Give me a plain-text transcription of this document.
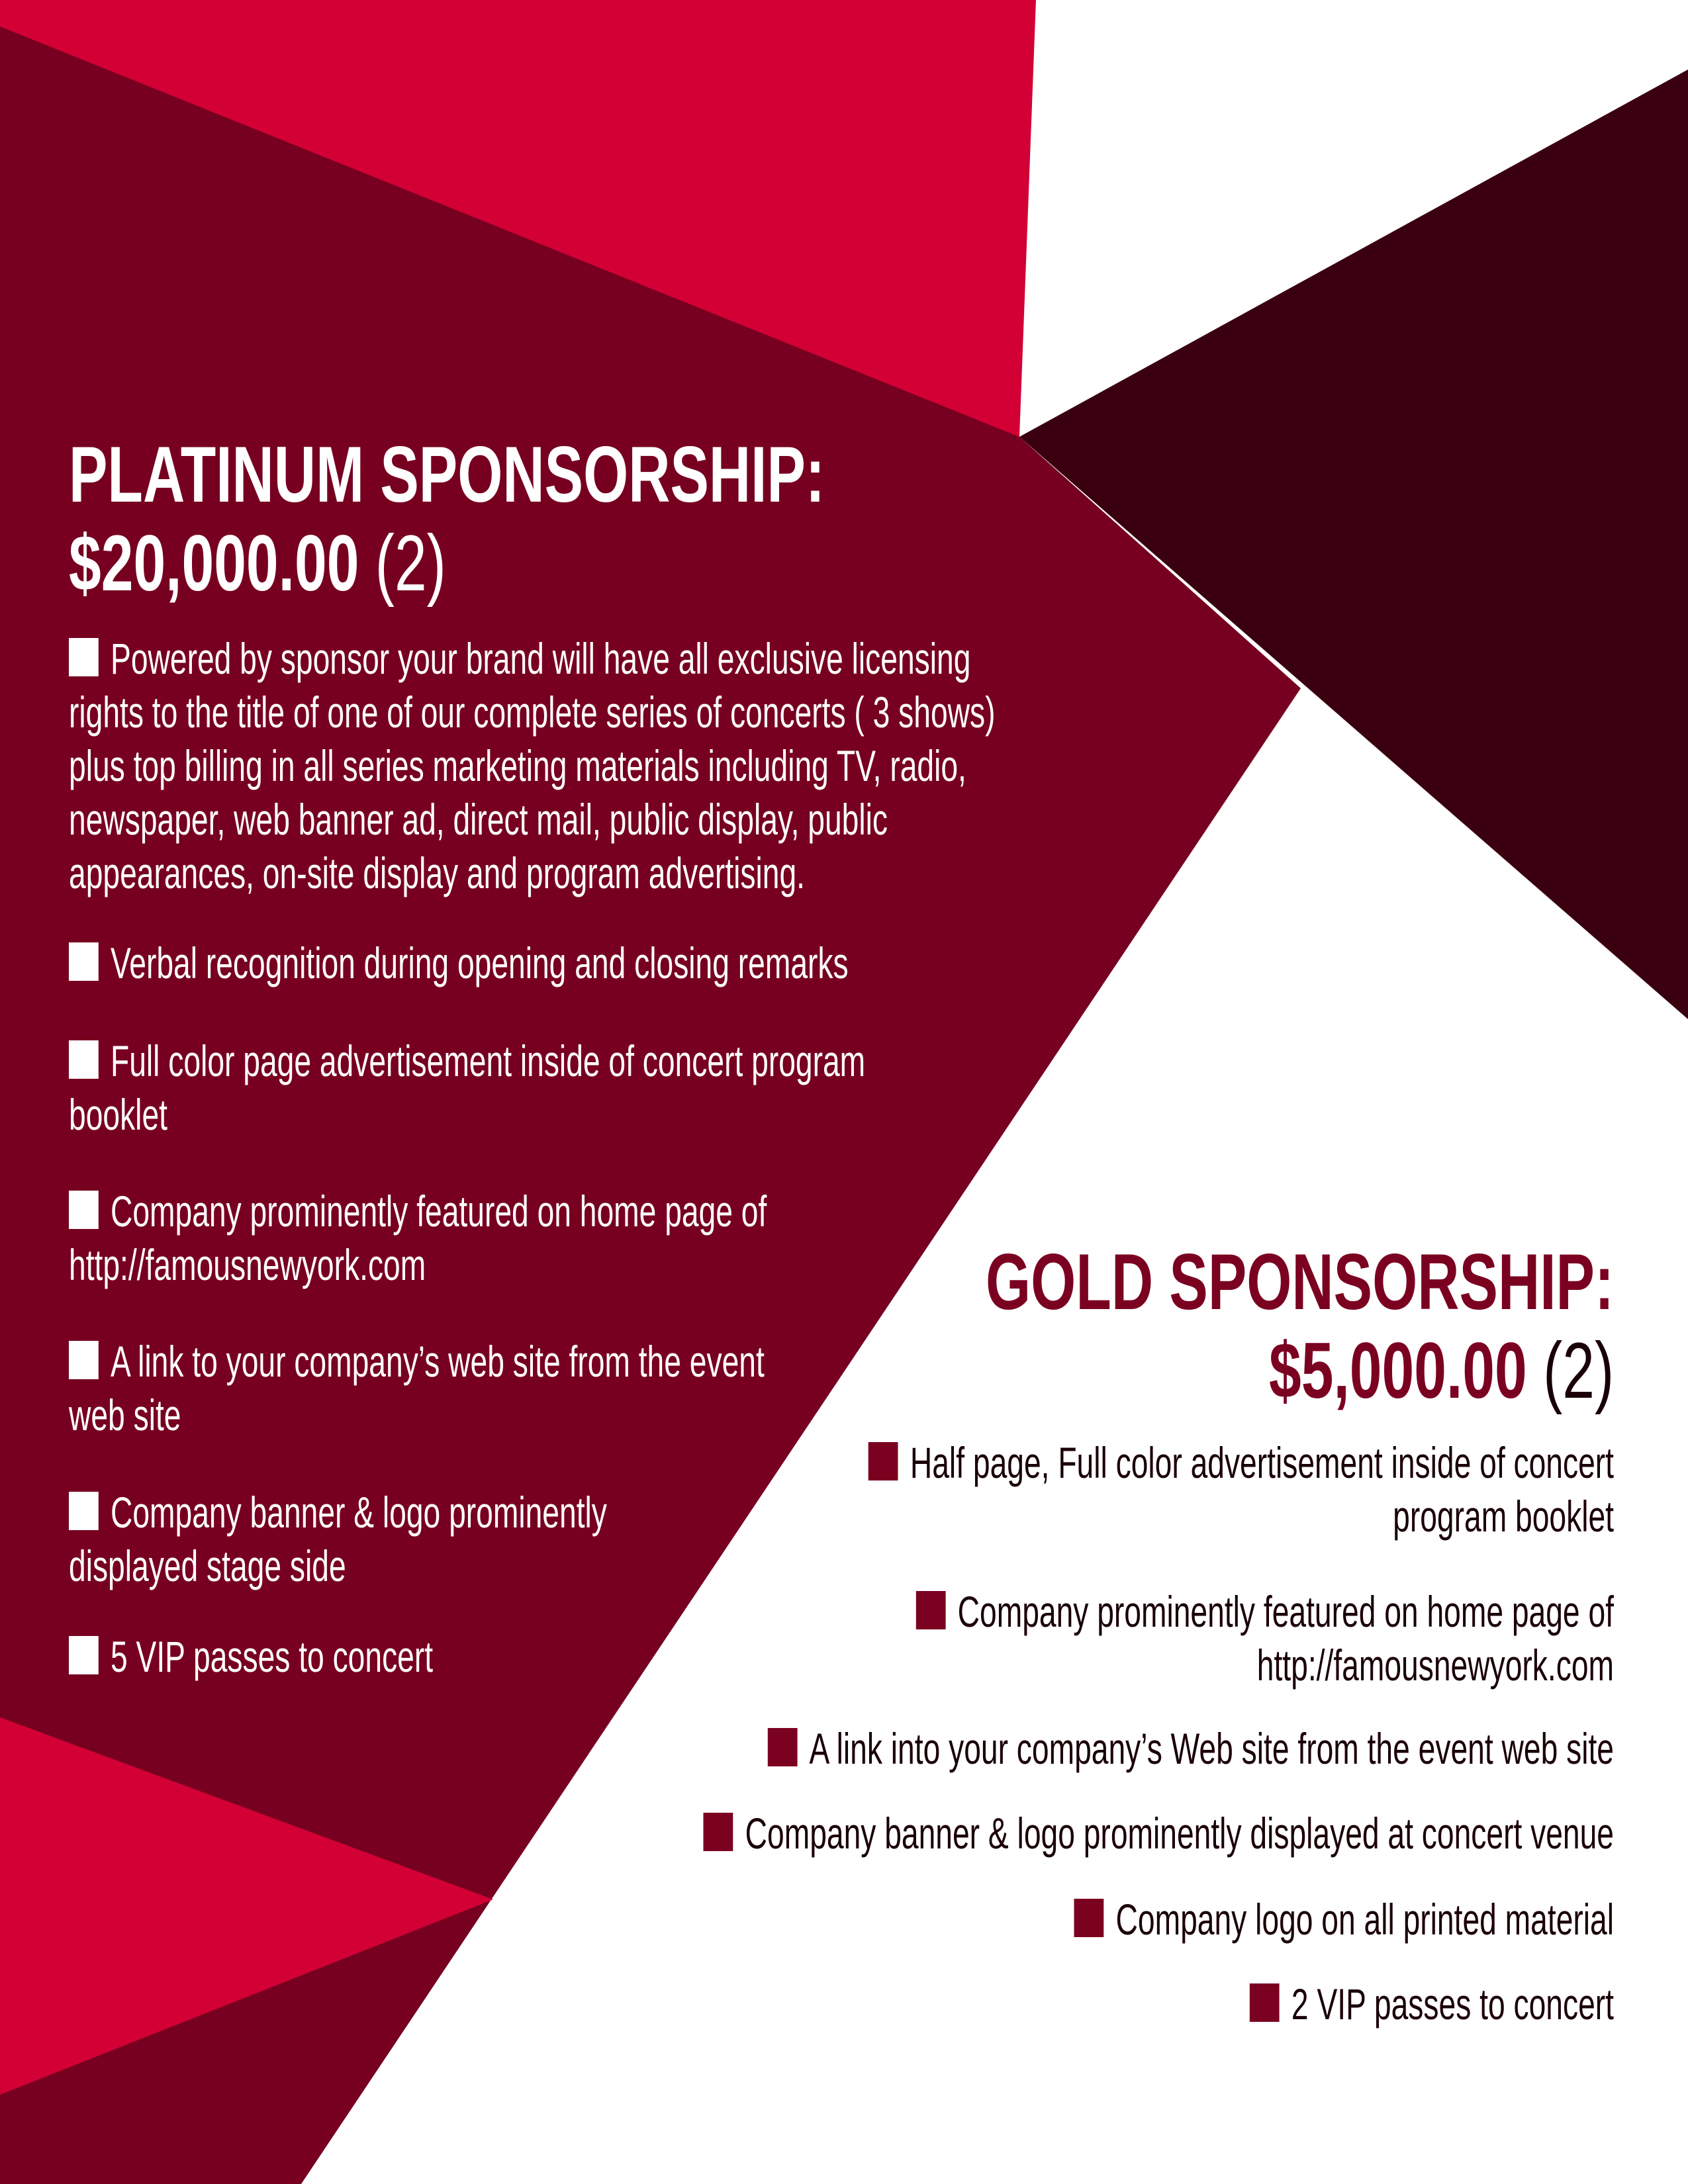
PLATINUM SPONSORSHIP:
$20,000.00 (2)
Powered by sponsor your brand will have all exclusive licensing
rights to the title of one of our complete series of concerts ( 3 shows)
plus top billing in all series marketing materials including TV, radio,
newspaper, web banner ad, direct mail, public display, public
appearances, on-site display and program advertising.
Verbal recognition during opening and closing remarks
Full color page advertisement inside of concert program
booklet
Company prominently featured on home page of
http://famousnewyork.com
A link to your company’s web site from the event
web site
Company banner & logo prominently
displayed stage side
5 VIP passes to concert
GOLD SPONSORSHIP:
$5,000.00 (2)
Half page, Full color advertisement inside of concert
program booklet
Company prominently featured on home page of
http://famousnewyork.com
A link into your company’s Web site from the event web site
Company banner & logo prominently displayed at concert venue
Company logo on all printed material
2 VIP passes to concert
